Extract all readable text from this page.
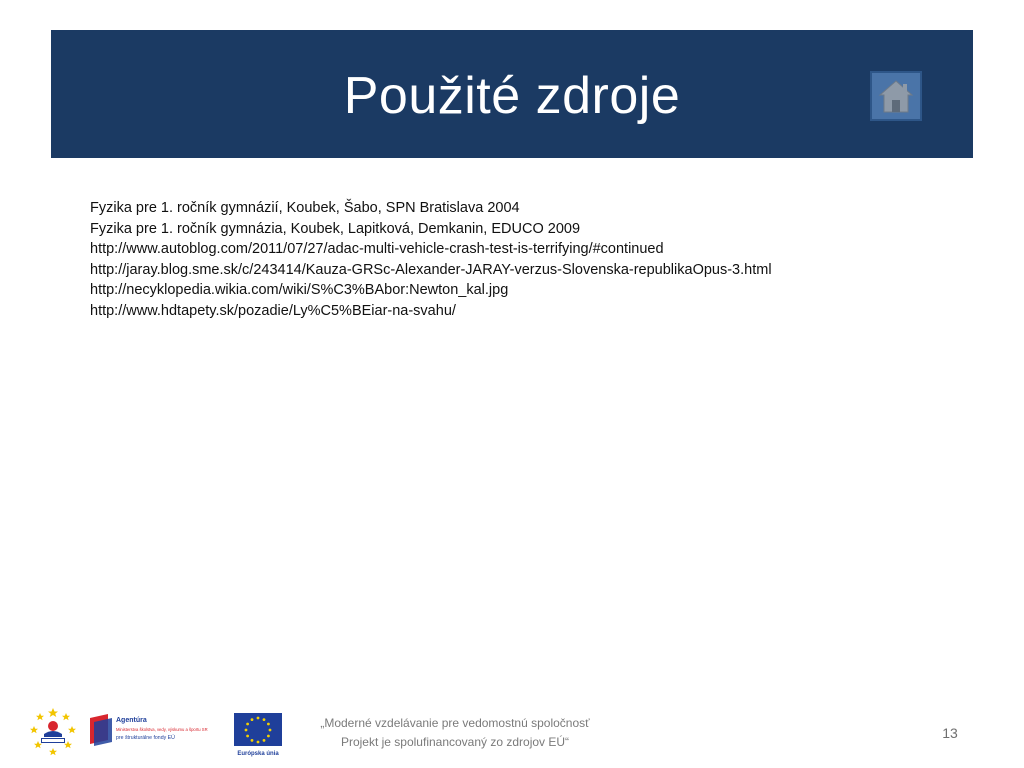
Použité zdroje
Fyzika pre 1. ročník gymnázií, Koubek, Šabo, SPN Bratislava 2004
Fyzika pre 1. ročník gymnázia, Koubek, Lapitková, Demkanin, EDUCO 2009
http://www.autoblog.com/2011/07/27/adac-multi-vehicle-crash-test-is-terrifying/#continued
http://jaray.blog.sme.sk/c/243414/Kauza-GRSc-Alexander-JARAY-verzus-Slovenska-republikaOpus-3.html
http://necyklopedia.wikia.com/wiki/S%C3%BAbor:Newton_kal.jpg
http://www.hdtapety.sk/pozadie/Ly%C5%BEiar-na-svahu/
Agentúra
Ministerstva školstva, vedy, výskumu a športu SR
pre štrukturálne fondy EÚ
Európska únia
„Moderné vzdelávanie pre vedomostnú spoločnosť
Projekt je spolufinancovaný zo zdrojov EÚ“
13
